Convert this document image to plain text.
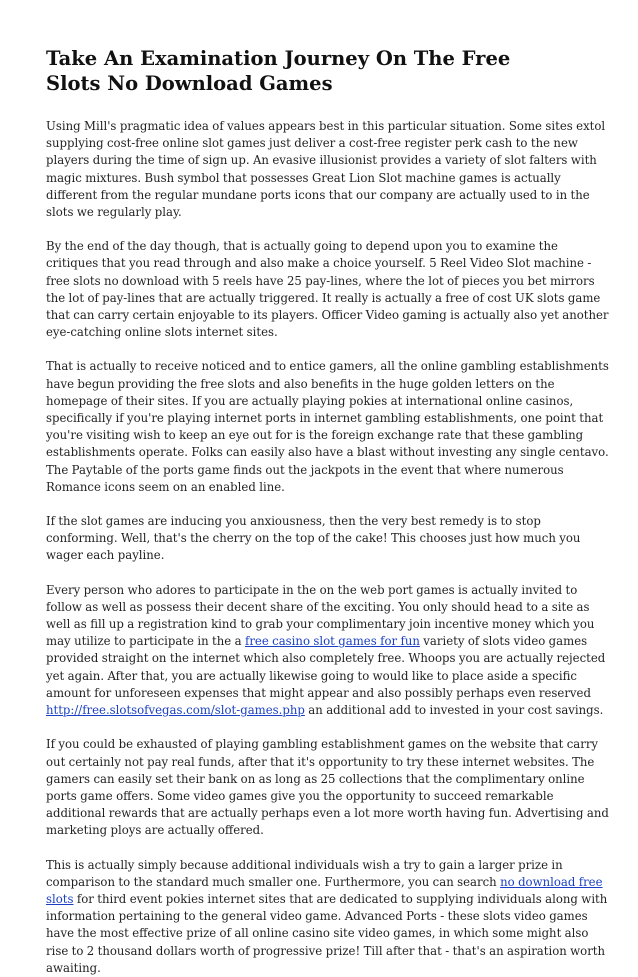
Take An Examination Journey On The Free Slots No Download Games

Using Mill's pragmatic idea of values appears best in this particular situation. Some sites extol supplying cost-free online slot games just deliver a cost-free register perk cash to the new players during the time of sign up. An evasive illusionist provides a variety of slot falters with magic mixtures. Bush symbol that possesses Great Lion Slot machine games is actually different from the regular mundane ports icons that our company are actually used to in the slots we regularly play.

By the end of the day though, that is actually going to depend upon you to examine the critiques that you read through and also make a choice yourself. 5 Reel Video Slot machine - free slots no download with 5 reels have 25 pay-lines, where the lot of pieces you bet mirrors the lot of pay-lines that are actually triggered. It really is actually a free of cost UK slots game that can carry certain enjoyable to its players. Officer Video gaming is actually also yet another eye-catching online slots internet sites.

That is actually to receive noticed and to entice gamers, all the online gambling establishments have begun providing the free slots and also benefits in the huge golden letters on the homepage of their sites. If you are actually playing pokies at international online casinos, specifically if you're playing internet ports in internet gambling establishments, one point that you're visiting wish to keep an eye out for is the foreign exchange rate that these gambling establishments operate. Folks can easily also have a blast without investing any single centavo. The Paytable of the ports game finds out the jackpots in the event that where numerous Romance icons seem on an enabled line.

If the slot games are inducing you anxiousness, then the very best remedy is to stop conforming. Well, that's the cherry on the top of the cake! This chooses just how much you wager each payline.

Every person who adores to participate in the on the web port games is actually invited to follow as well as possess their decent share of the exciting. You only should head to a site as well as fill up a registration kind to grab your complimentary join incentive money which you may utilize to participate in the a free casino slot games for fun variety of slots video games provided straight on the internet which also completely free. Whoops you are actually rejected yet again. After that, you are actually likewise going to would like to place aside a specific amount for unforeseen expenses that might appear and also possibly perhaps even reserved http://free.slotsofvegas.com/slot-games.php an additional add to invested in your cost savings.

If you could be exhausted of playing gambling establishment games on the website that carry out certainly not pay real funds, after that it's opportunity to try these internet websites. The gamers can easily set their bank on as long as 25 collections that the complimentary online ports game offers. Some video games give you the opportunity to succeed remarkable additional rewards that are actually perhaps even a lot more worth having fun. Advertising and marketing ploys are actually offered.

This is actually simply because additional individuals wish a try to gain a larger prize in comparison to the standard much smaller one. Furthermore, you can search no download free slots for third event pokies internet sites that are dedicated to supplying individuals along with information pertaining to the general video game. Advanced Ports - these slots video games have the most effective prize of all online casino site video games, in which some might also rise to 2 thousand dollars worth of progressive prize! Till after that - that's an aspiration worth awaiting.
